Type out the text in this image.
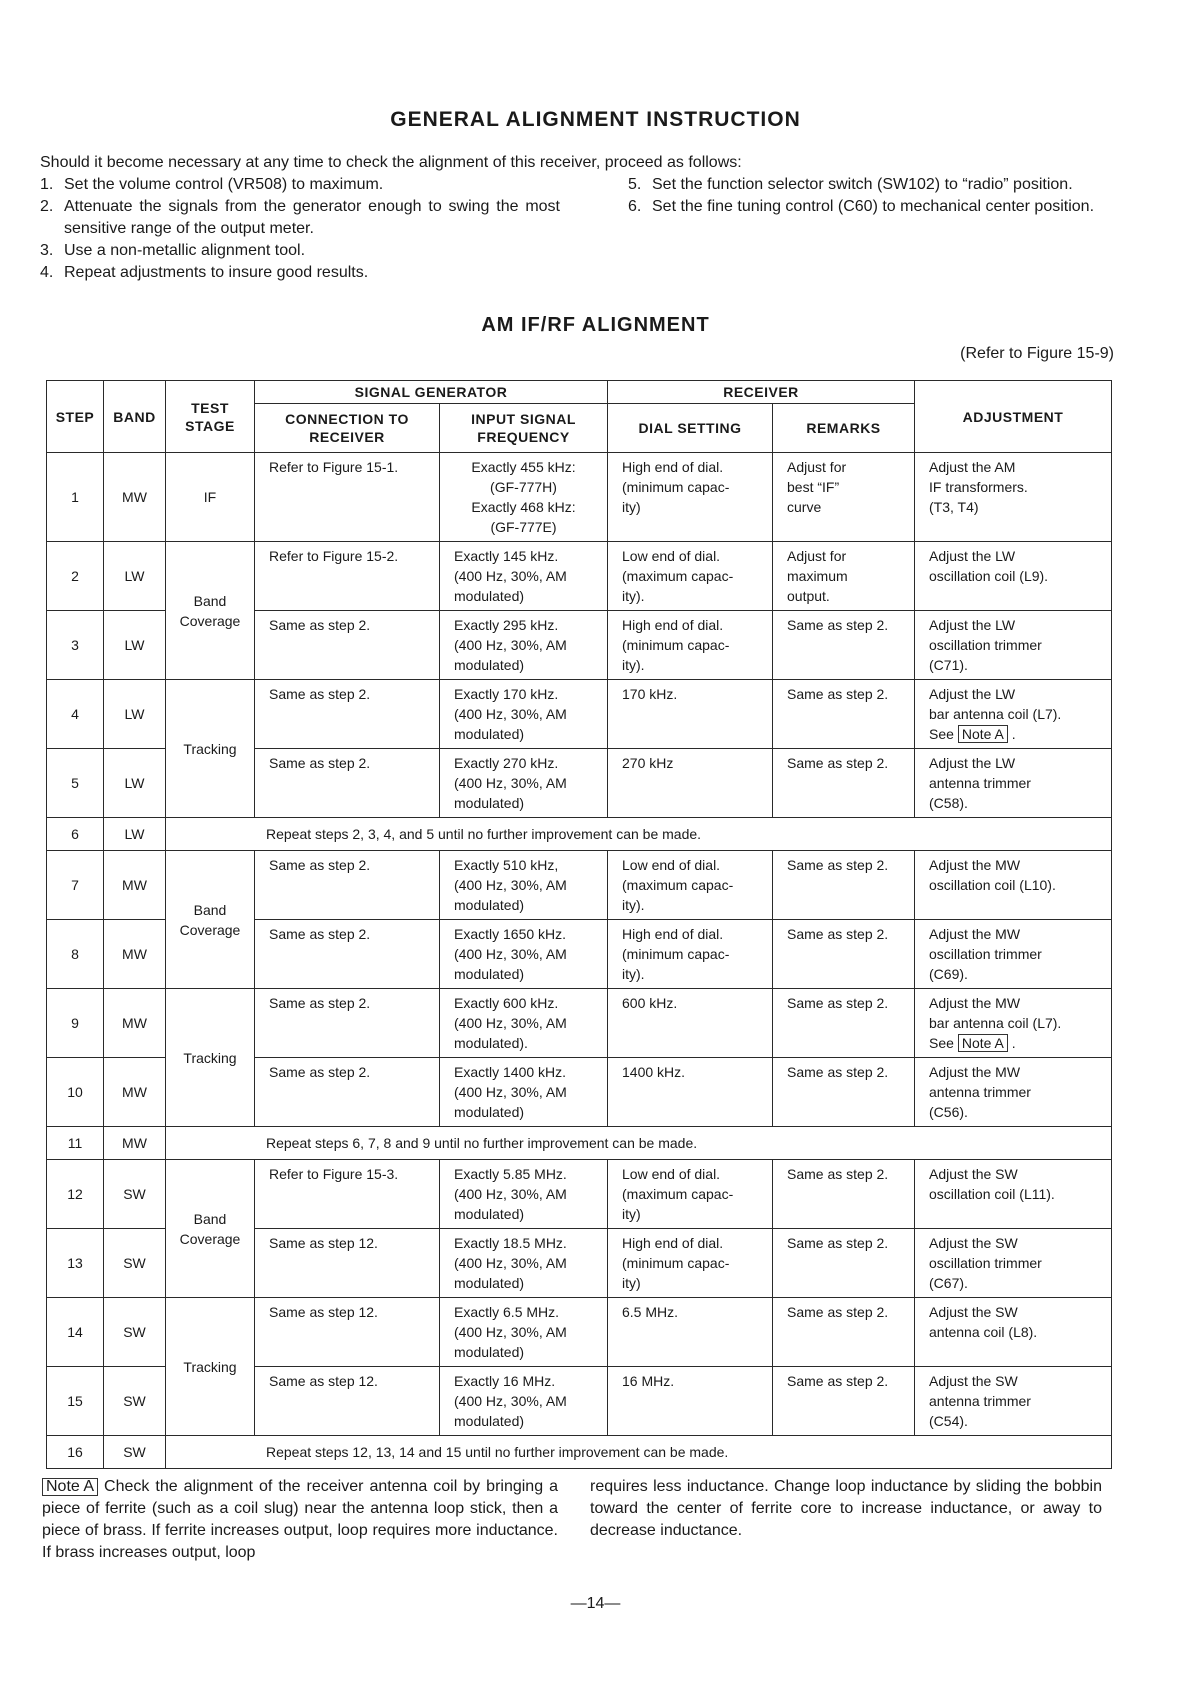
GENERAL ALIGNMENT INSTRUCTION
Should it become necessary at any time to check the alignment of this receiver, proceed as follows:
1. Set the volume control (VR508) to maximum.
2. Attenuate the signals from the generator enough to swing the most sensitive range of the output meter.
3. Use a non-metallic alignment tool.
4. Repeat adjustments to insure good results.
5. Set the function selector switch (SW102) to “radio” position.
6. Set the fine tuning control (C60) to mechanical center position.
AM IF/RF ALIGNMENT
(Refer to Figure 15-9)
STEP	BAND	TEST STAGE	SIGNAL GENERATOR		RECEIVER		ADJUSTMENT
			CONNECTION TO RECEIVER	INPUT SIGNAL FREQUENCY	DIAL SETTING	REMARKS	
1	MW	IF	Refer to Figure 15-1.	Exactly 455 kHz:
(GF-777H)
Exactly 468 kHz:
(GF-777E)	High end of dial.
(minimum capac-
ity)	Adjust for
best “IF”
curve	Adjust the AM
IF transformers.
(T3, T4)
2	LW	Band Coverage	Refer to Figure 15-2.	Exactly 145 kHz.
(400 Hz, 30%, AM
modulated)	Low end of dial.
(maximum capac-
ity).	Adjust for
maximum
output.	Adjust the LW
oscillation coil (L9).
3	LW		Same as step 2.	Exactly 295 kHz.
(400 Hz, 30%, AM
modulated)	High end of dial.
(minimum capac-
ity).	Same as step 2.	Adjust the LW
oscillation trimmer
(C71).
4	LW	Tracking	Same as step 2.	Exactly 170 kHz.
(400 Hz, 30%, AM
modulated)	170 kHz.	Same as step 2.	Adjust the LW
bar antenna coil (L7).
See Note A .
5	LW		Same as step 2.	Exactly 270 kHz.
(400 Hz, 30%, AM
modulated)	270 kHz	Same as step 2.	Adjust the LW
antenna trimmer
(C58).
6	LW	Repeat steps 2, 3, 4, and 5 until no further improvement can be made.					
7	MW	Band Coverage	Same as step 2.	Exactly 510 kHz,
(400 Hz, 30%, AM
modulated)	Low end of dial.
(maximum capac-
ity).	Same as step 2.	Adjust the MW
oscillation coil (L10).
8	MW		Same as step 2.	Exactly 1650 kHz.
(400 Hz, 30%, AM
modulated)	High end of dial.
(minimum capac-
ity).	Same as step 2.	Adjust the MW
oscillation trimmer
(C69).
9	MW	Tracking	Same as step 2.	Exactly 600 kHz.
(400 Hz, 30%, AM
modulated).	600 kHz.	Same as step 2.	Adjust the MW
bar antenna coil (L7).
See Note A .
10	MW		Same as step 2.	Exactly 1400 kHz.
(400 Hz, 30%, AM
modulated)	1400 kHz.	Same as step 2.	Adjust the MW
antenna trimmer
(C56).
11	MW	Repeat steps 6, 7, 8 and 9 until no further improvement can be made.					
12	SW	Band Coverage	Refer to Figure 15-3.	Exactly 5.85 MHz.
(400 Hz, 30%, AM
modulated)	Low end of dial.
(maximum capac-
ity)	Same as step 2.	Adjust the SW
oscillation coil (L11).
13	SW		Same as step 12.	Exactly 18.5 MHz.
(400 Hz, 30%, AM
modulated)	High end of dial.
(minimum capac-
ity)	Same as step 2.	Adjust the SW
oscillation trimmer
(C67).
14	SW	Tracking	Same as step 12.	Exactly 6.5 MHz.
(400 Hz, 30%, AM
modulated)	6.5 MHz.	Same as step 2.	Adjust the SW
antenna coil (L8).
15	SW		Same as step 12.	Exactly 16 MHz.
(400 Hz, 30%, AM
modulated)	16 MHz.	Same as step 2.	Adjust the SW
antenna trimmer
(C54).
16	SW	Repeat steps 12, 13, 14 and 15 until no further improvement can be made.					
Note A Check the alignment of the receiver antenna coil by bringing a piece of ferrite (such as a coil slug) near the antenna loop stick, then a piece of brass. If ferrite increases output, loop requires more inductance. If brass increases output, loop
requires less inductance. Change loop inductance by sliding the bobbin toward the center of ferrite core to increase inductance, or away to decrease inductance.
—14—
